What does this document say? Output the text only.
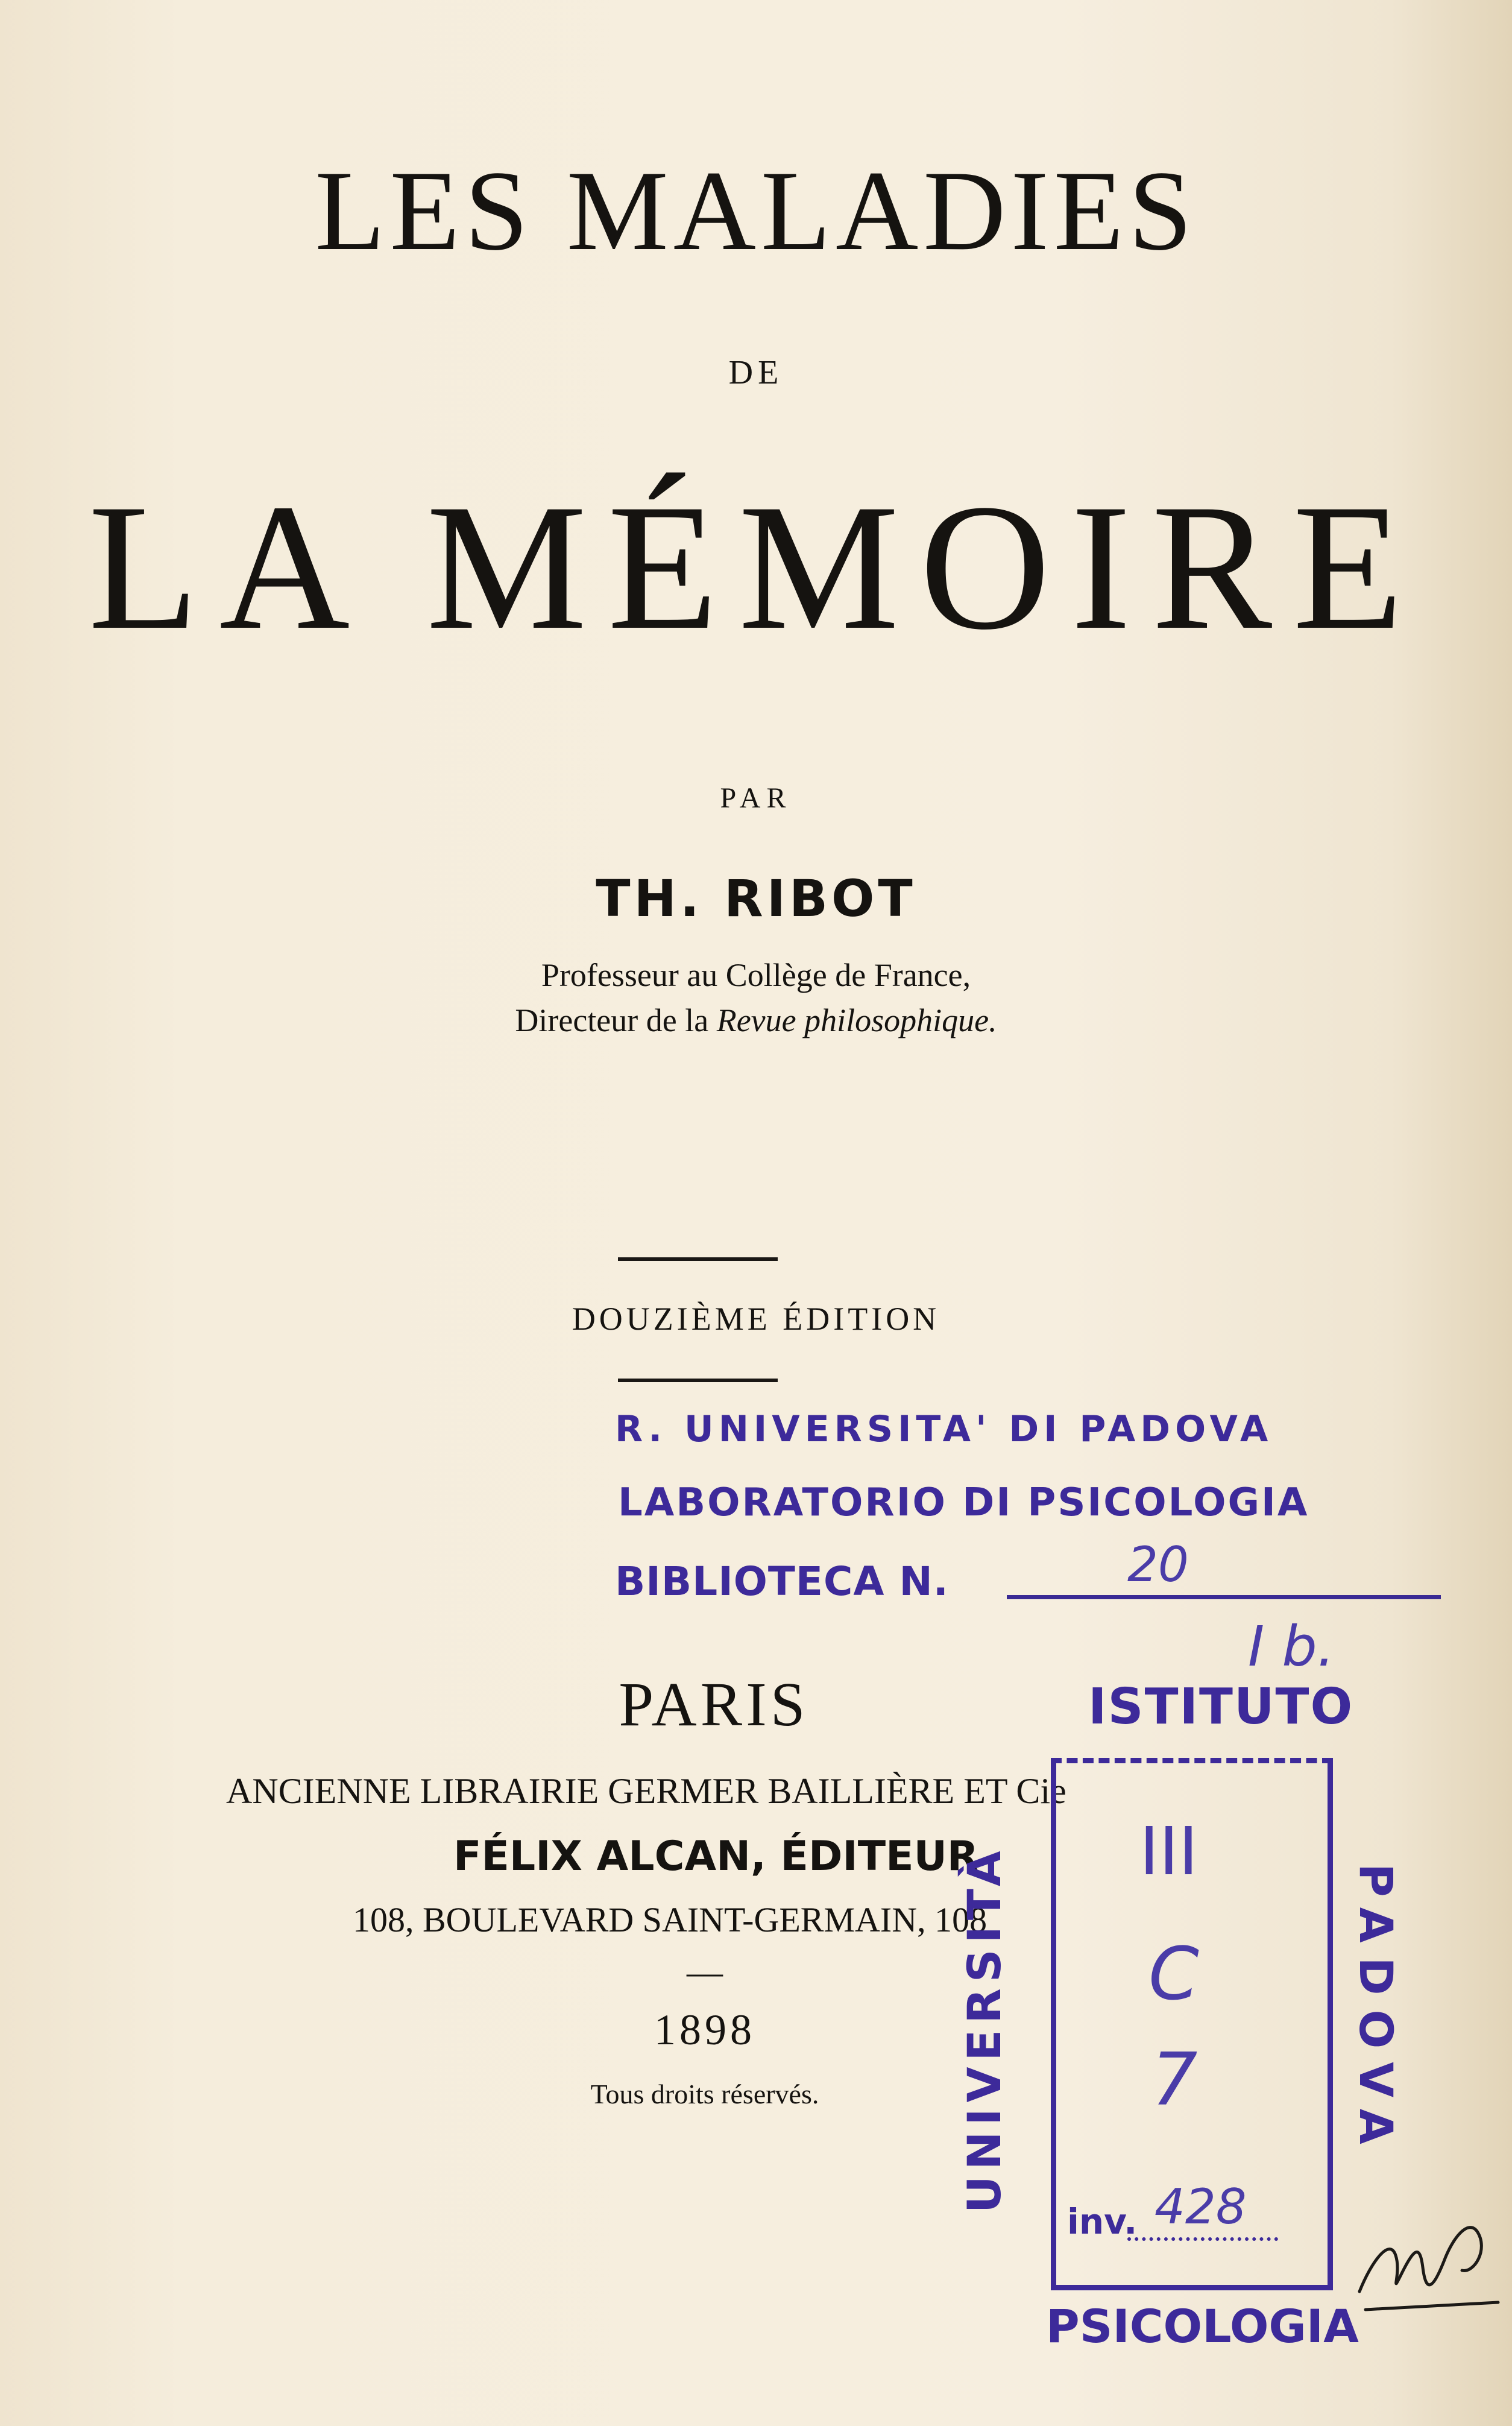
LES MALADIES
DE
LA MÉMOIRE
PAR
TH. RIBOT
Professeur au Collège de France,
Directeur de la Revue philosophique.
DOUZIÈME ÉDITION
R. UNIVERSITA' DI PADOVA
LABORATORIO DI PSICOLOGIA
BIBLIOTECA N.	20
I b.
PARIS
ANCIENNE LIBRAIRIE GERMER BAILLIÈRE ET Cie
FÉLIX ALCAN, ÉDITEUR
108, BOULEVARD SAINT-GERMAIN, 108
—
1898
Tous droits réservés.
ISTITUTO
UNIVERSITÀ	PADOVA
III
C
7
inv. 428
PSICOLOGIA
